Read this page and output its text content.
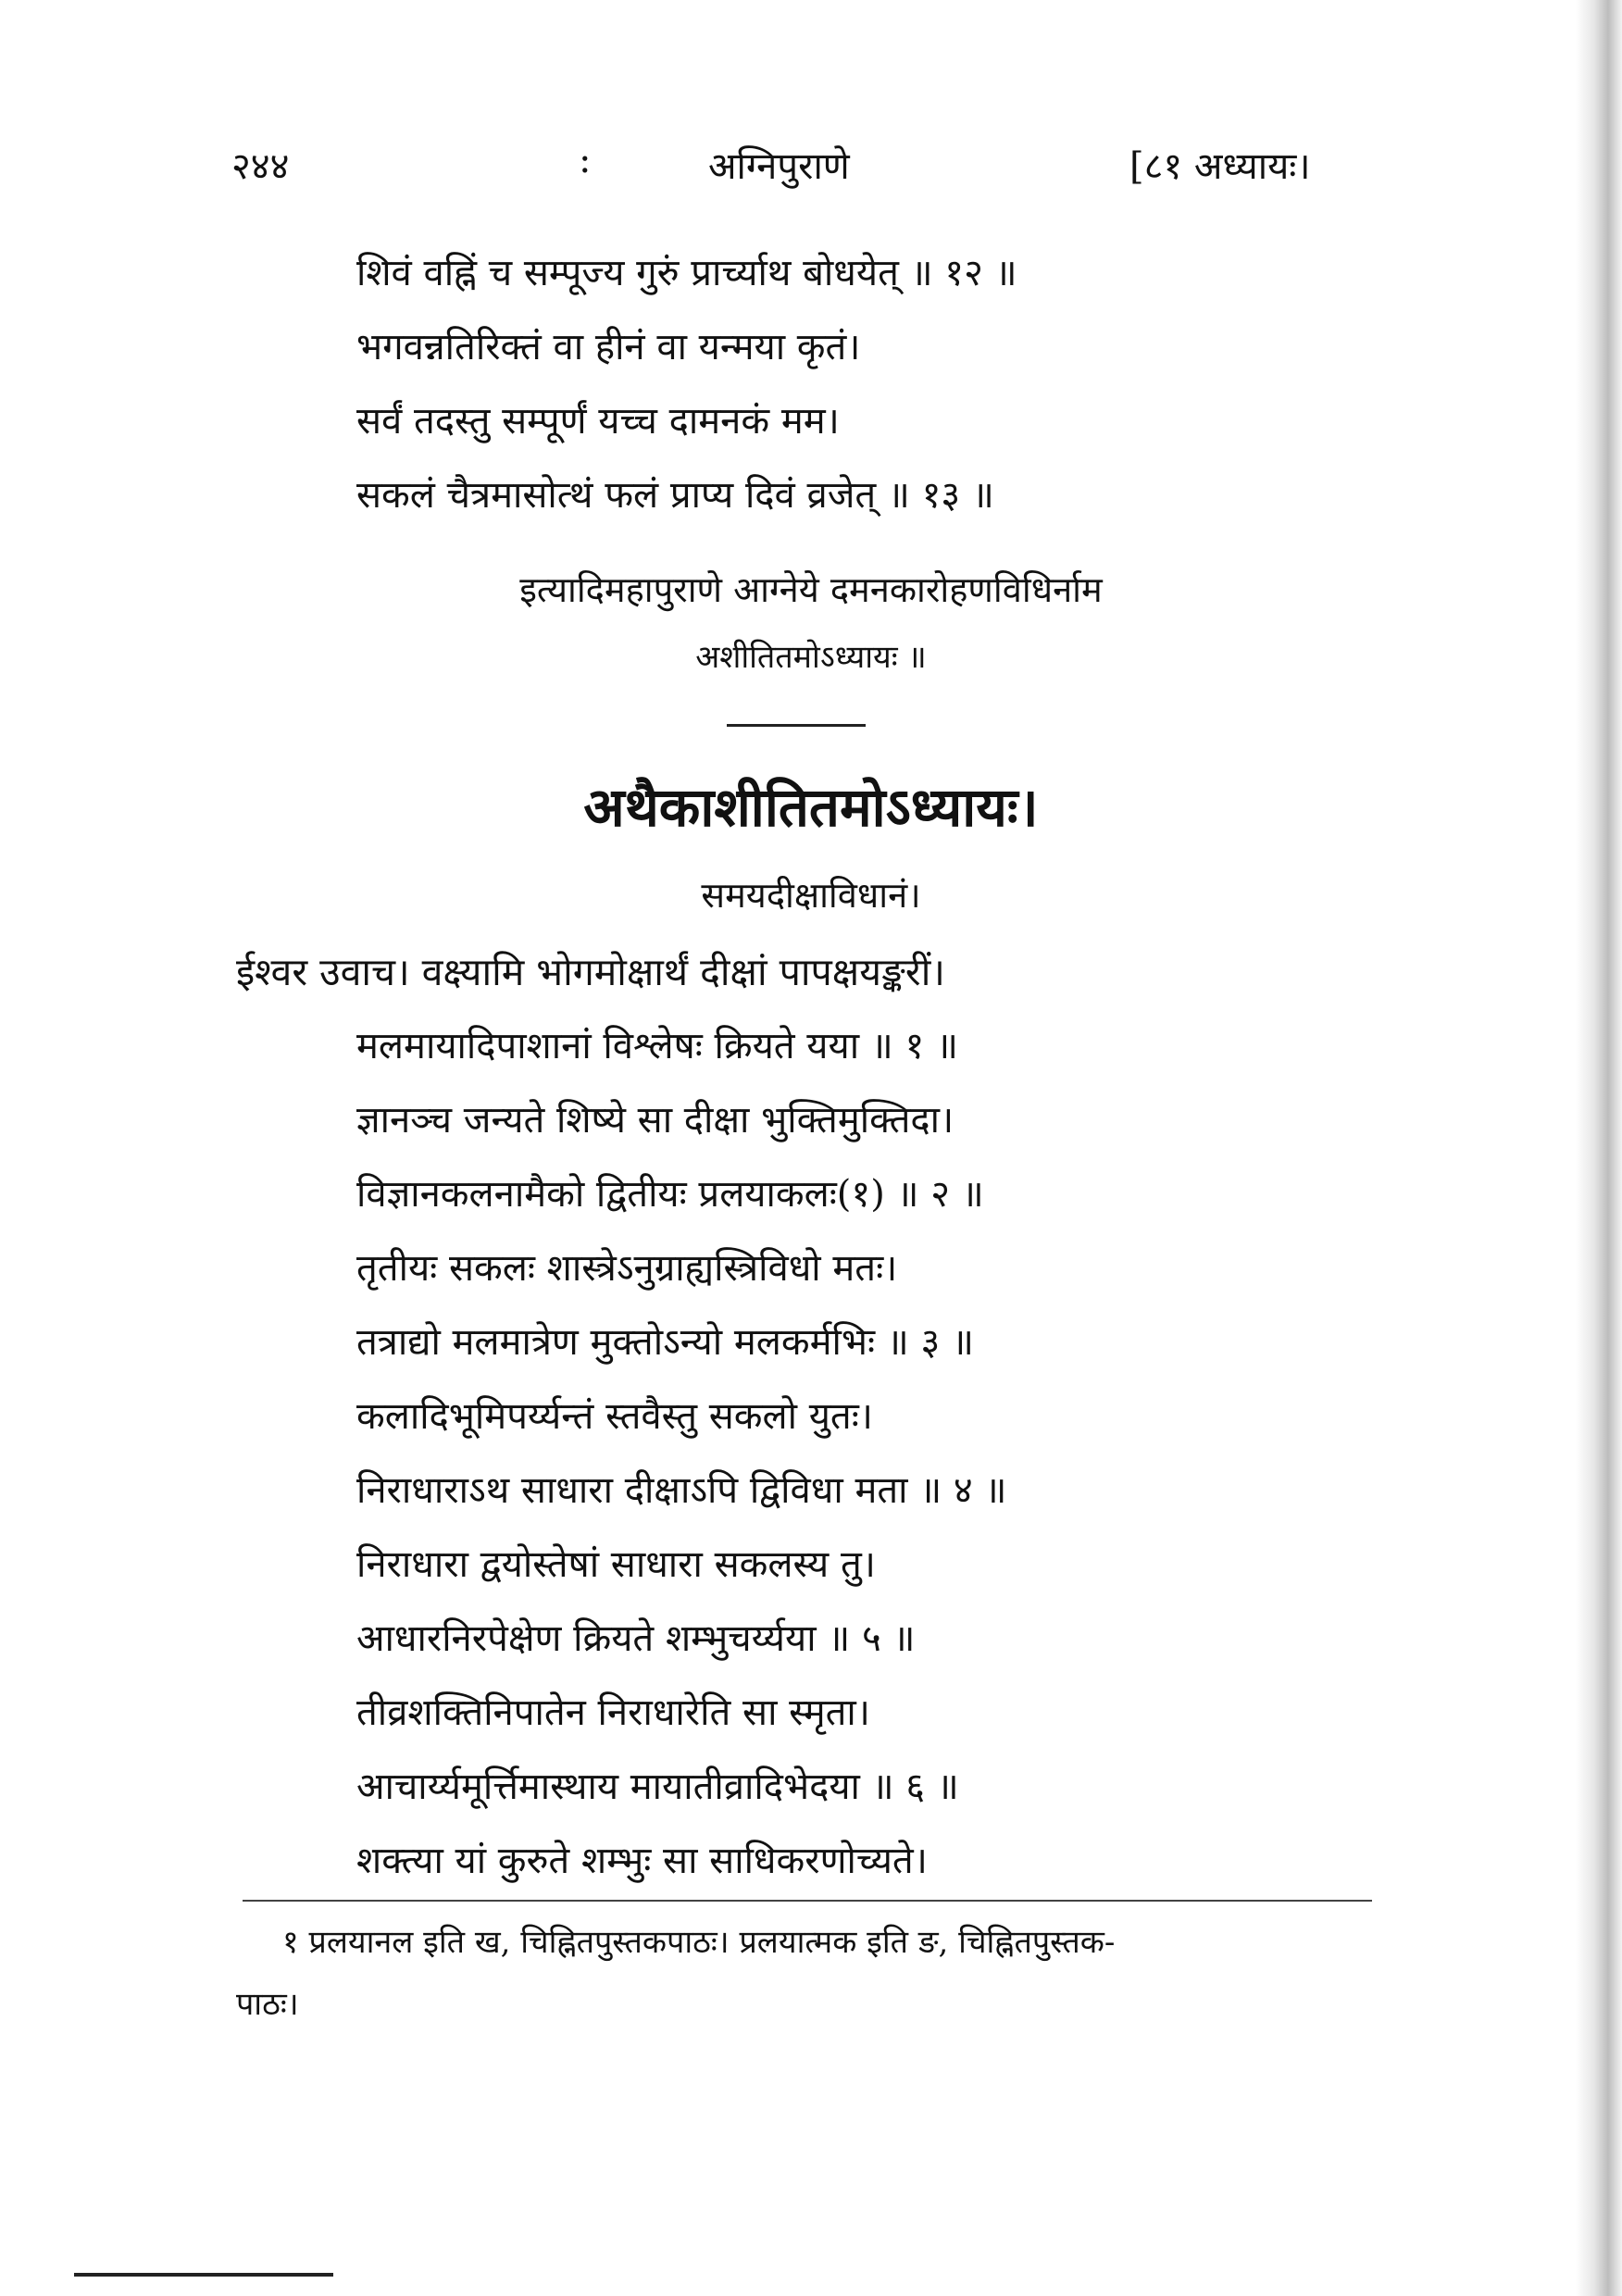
२४४	:	अग्निपुराणे	[८१ अध्यायः।
शिवं वह्निं च सम्पूज्य गुरुं प्रार्च्याथ बोधयेत् ॥ १२ ॥
भगवन्नतिरिक्तं वा हीनं वा यन्मया कृतं।
सर्वं तदस्तु सम्पूर्णं यच्च दामनकं मम।
सकलं चैत्रमासोत्थं फलं प्राप्य दिवं व्रजेत् ॥ १३ ॥
इत्यादिमहापुराणे आग्नेये दमनकारोहणविधिर्नाम
अशीतितमोऽध्यायः ॥
अथैकाशीतितमोऽध्यायः।
समयदीक्षाविधानं।
ईश्वर उवाच। वक्ष्यामि भोगमोक्षार्थं दीक्षां पापक्षयङ्करीं।
मलमायादिपाशानां विश्लेषः क्रियते यया ॥ १ ॥
ज्ञानञ्च जन्यते शिष्ये सा दीक्षा भुक्तिमुक्तिदा।
विज्ञानकलनामैको द्वितीयः प्रलयाकलः(१) ॥ २ ॥
तृतीयः सकलः शास्त्रेऽनुग्राह्यस्त्रिविधो मतः।
तत्राद्यो मलमात्रेण मुक्तोऽन्यो मलकर्मभिः ॥ ३ ॥
कलादिभूमिपर्य्यन्तं स्तवैस्तु सकलो युतः।
निराधाराऽथ साधारा दीक्षाऽपि द्विविधा मता ॥ ४ ॥
निराधारा द्वयोस्तेषां साधारा सकलस्य तु।
आधारनिरपेक्षेण क्रियते शम्भुचर्य्यया ॥ ५ ॥
तीव्रशक्तिनिपातेन निराधारेति सा स्मृता।
आचार्य्यमूर्त्तिमास्थाय मायातीव्रादिभेदया ॥ ६ ॥
शक्त्या यां कुरुते शम्भुः सा साधिकरणोच्यते।
१ प्रलयानल इति ख, चिह्नितपुस्तकपाठः। प्रलयात्मक इति ङ, चिह्नितपुस्तक-
पाठः।
